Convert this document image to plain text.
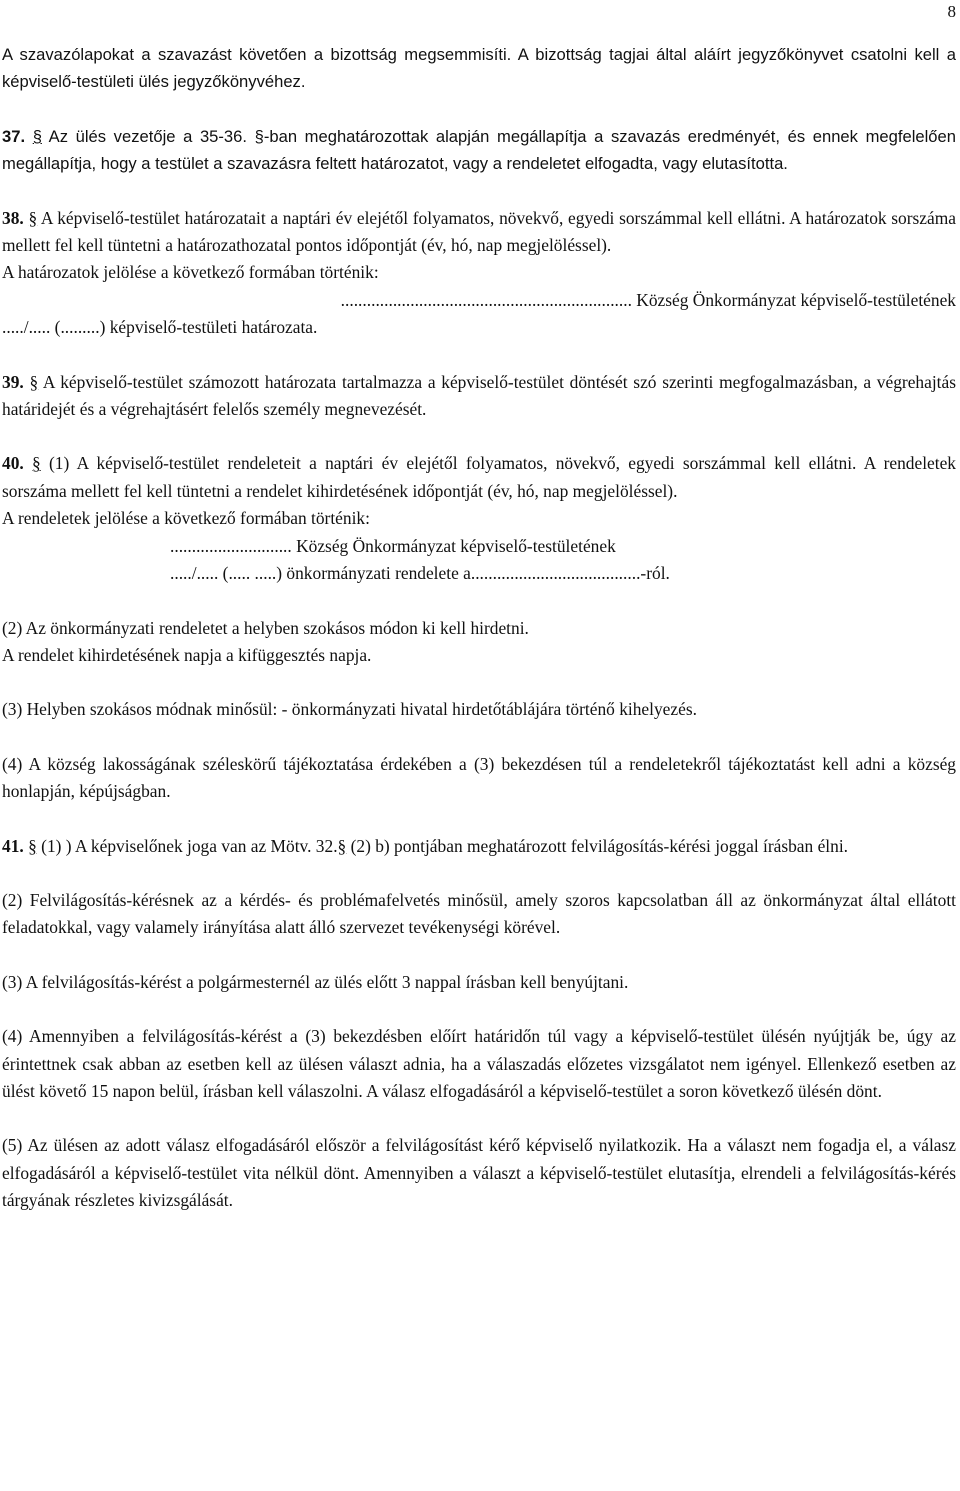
8

A szavazólapokat a szavazást követően a bizottság megsemmisíti. A bizottság tagjai által aláírt jegyzőkönyvet csatolni kell a képviselő-testületi ülés jegyzőkönyvéhez.

37. § Az ülés vezetője a 35-36. §-ban meghatározottak alapján megállapítja a szavazás eredményét, és ennek megfelelően megállapítja, hogy a testület a szavazásra feltett határozatot, vagy a rendeletet elfogadta, vagy elutasította.

38. § A képviselő-testület határozatait a naptári év elejétől folyamatos, növekvő, egyedi sorszámmal kell ellátni. A határozatok sorszáma mellett fel kell tüntetni a határozathozatal pontos időpontját (év, hó, nap megjelöléssel).

A határozatok jelölése a következő formában történik:

................................................................... Község Önkormányzat képviselő-testületének

...../..... (.........) képviselő-testületi határozata.

39. § A képviselő-testület számozott határozata tartalmazza a képviselő-testület döntését szó szerinti megfogalmazásban, a végrehajtás határidejét és a végrehajtásért felelős személy megnevezését.

40. § (1) A képviselő-testület rendeleteit a naptári év elejétől folyamatos, növekvő, egyedi sorszámmal kell ellátni. A rendeletek sorszáma mellett fel kell tüntetni a rendelet kihirdetésének időpontját (év, hó, nap megjelöléssel).

A rendeletek jelölése a következő formában történik:

............................ Község Önkormányzat képviselő-testületének

...../..... (..... .....) önkormányzati rendelete a.......................................-ról.

(2) Az önkormányzati rendeletet a helyben szokásos módon ki kell hirdetni.

A rendelet kihirdetésének napja a kifüggesztés napja.

(3) Helyben szokásos módnak minősül: - önkormányzati hivatal hirdetőtáblájára történő kihelyezés.

(4) A község lakosságának széleskörű tájékoztatása érdekében a (3) bekezdésen túl a rendeletekről tájékoztatást kell adni a község honlapján, képújságban.

41. § (1) ) A képviselőnek joga van az Mötv. 32.§ (2) b) pontjában meghatározott felvilágosítás-kérési joggal írásban élni.

(2) Felvilágosítás-kérésnek az a kérdés- és problémafelvetés minősül, amely szoros kapcsolatban áll az önkormányzat által ellátott feladatokkal, vagy valamely irányítása alatt álló szervezet tevékenységi körével.

(3) A felvilágosítás-kérést a polgármesternél az ülés előtt 3 nappal írásban kell benyújtani.

(4) Amennyiben a felvilágosítás-kérést a (3) bekezdésben előírt határidőn túl vagy a képviselő-testület ülésén nyújtják be, úgy az érintettnek csak abban az esetben kell az ülésen választ adnia, ha a válaszadás előzetes vizsgálatot nem igényel. Ellenkező esetben az ülést követő 15 napon belül, írásban kell válaszolni. A válasz elfogadásáról a képviselő-testület a soron következő ülésén dönt.

(5) Az ülésen az adott válasz elfogadásáról először a felvilágosítást kérő képviselő nyilatkozik. Ha a választ nem fogadja el, a válasz elfogadásáról a képviselő-testület vita nélkül dönt. Amennyiben a választ a képviselő-testület elutasítja, elrendeli a felvilágosítás-kérés tárgyának részletes kivizsgálását.
